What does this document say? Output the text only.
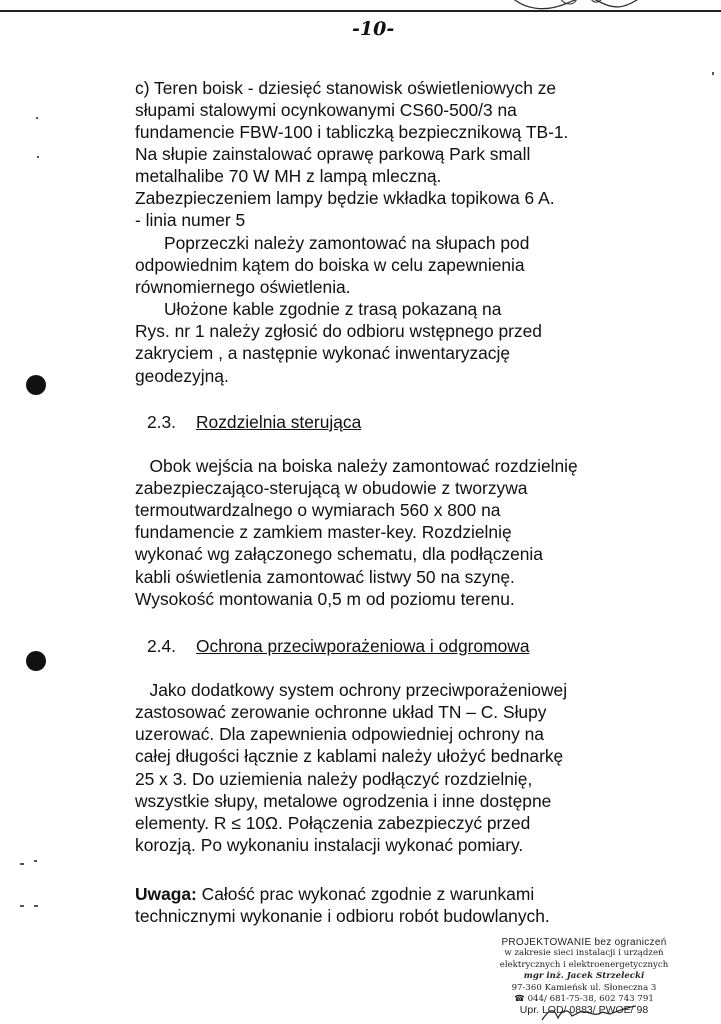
-10-

c) Teren boisk - dziesięć stanowisk oświetleniowych ze

słupami stalowymi ocynkowanymi CS60-500/3 na

fundamencie FBW-100 i tabliczką bezpiecznikową TB-1.

Na słupie zainstalować oprawę parkową Park small

metalhalibe 70 W MH z lampą mleczną.

Zabezpieczeniem lampy będzie wkładka topikowa 6 A.

- linia numer 5

Poprzeczki należy zamontować na słupach pod

odpowiednim kątem do boiska w celu zapewnienia

równomiernego oświetlenia.

Ułożone kable zgodnie z trasą pokazaną na

Rys. nr 1 należy zgłosić do odbioru wstępnego przed

zakryciem , a następnie wykonać inwentaryzację

geodezyjną.

2.3. Rozdzielnia sterująca

Obok wejścia na boiska należy zamontować rozdzielnię

zabezpieczająco-sterującą w obudowie z tworzywa

termoutwardzalnego o wymiarach 560 x 800 na

fundamencie z zamkiem master-key. Rozdzielnię

wykonać wg załączonego schematu, dla podłączenia

kabli oświetlenia zamontować listwy 50 na szynę.

Wysokość montowania 0,5 m od poziomu terenu.

2.4. Ochrona przeciwporażeniowa i odgromowa

Jako dodatkowy system ochrony przeciwporażeniowej

zastosować zerowanie ochronne układ TN – C. Słupy

uzerować. Dla zapewnienia odpowiedniej ochrony na

całej długości łącznie z kablami należy ułożyć bednarkę

25 x 3. Do uziemienia należy podłączyć rozdzielnię,

wszystkie słupy, metalowe ogrodzenia i inne dostępne

elementy. R ≤ 10Ω. Połączenia zabezpieczyć przed

korozją. Po wykonaniu instalacji wykonać pomiary.

Uwaga: Całość prac wykonać zgodnie z warunkami

technicznymi wykonanie i odbioru robót budowlanych.

PROJEKTOWANIE bez ograniczeń
w zakresie sieci instalacji i urządzeń
elektrycznych i elektroenergetycznych
mgr inż. Jacek Strzelecki
97-360 Kamieńsk ul. Słoneczna 3
☎ 044/ 681-75-38, 602 743 791
Upr. LOD/ 0883/ PWOE/ 98
